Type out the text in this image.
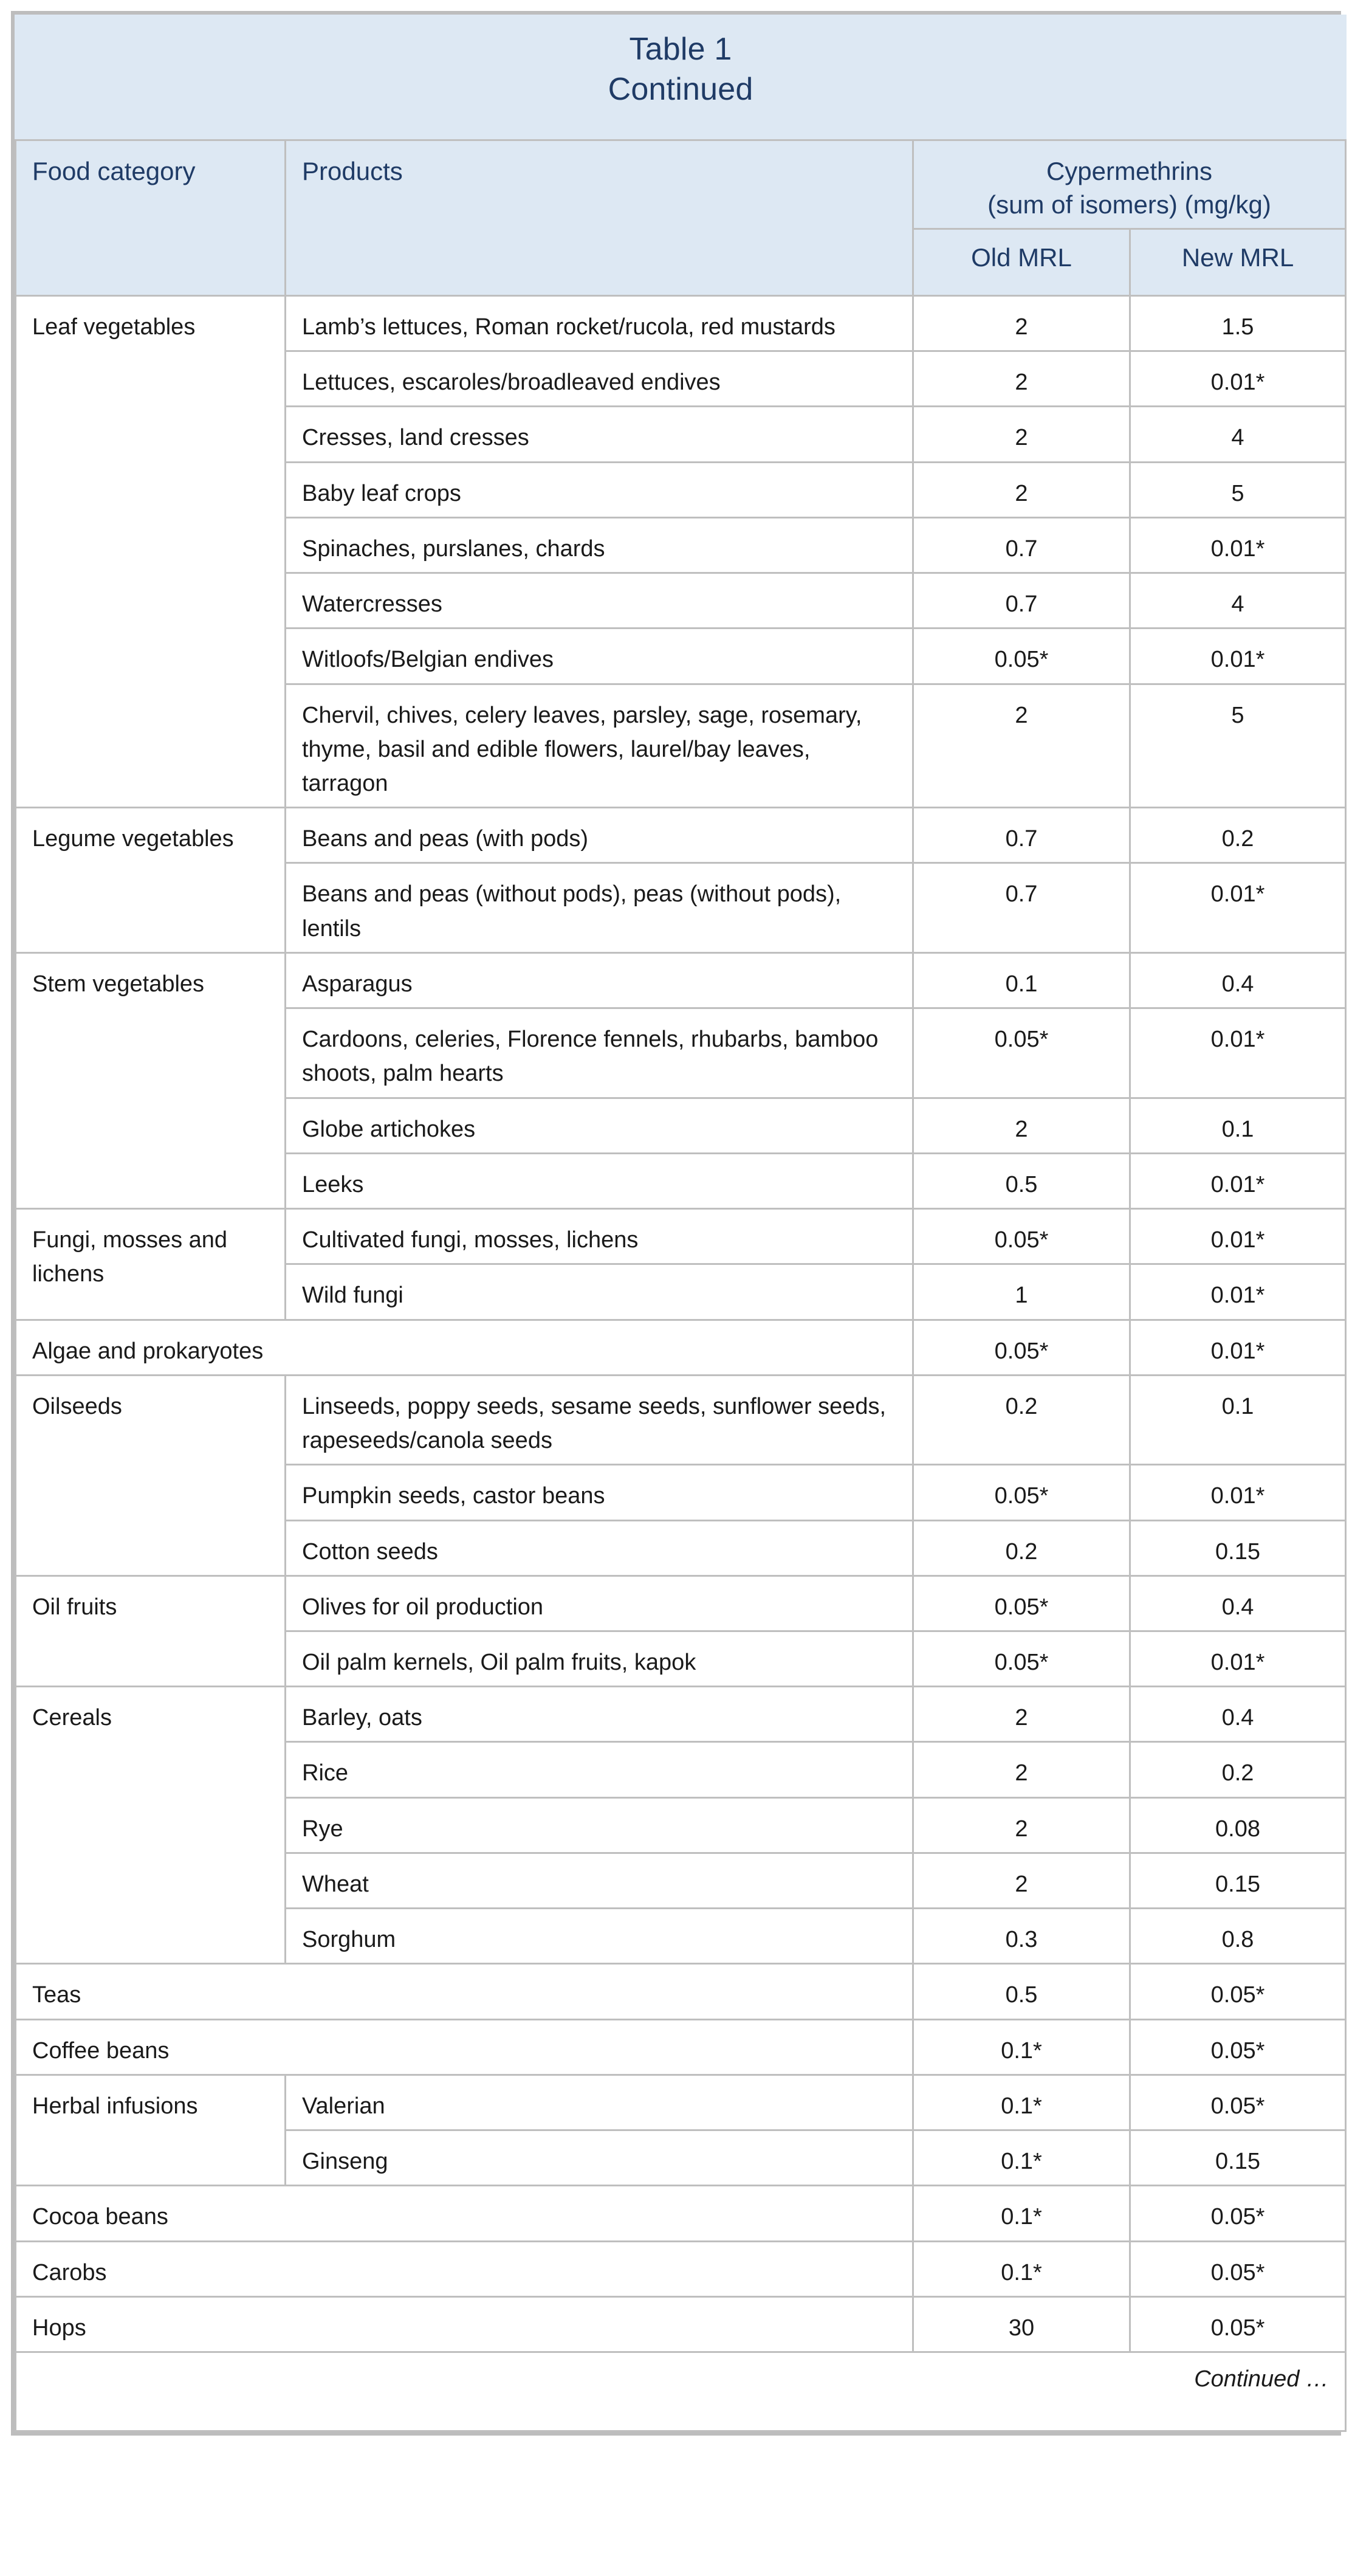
Table 1
Continued			

Food category	Products	Cypermethrins
(sum of isomers) (mg/kg)	

		Old MRL	New MRL
Leaf vegetables	Lamb’s lettuces, Roman rocket/rucola, red mustards	2	1.5
	Lettuces, escaroles/broadleaved endives	2	0.01*
	Cresses, land cresses	2	4
	Baby leaf crops	2	5
	Spinaches, purslanes, chards	0.7	0.01*
	Watercresses	0.7	4
	Witloofs/Belgian endives	0.05*	0.01*
	Chervil, chives, celery leaves, parsley, sage, rosemary, thyme, basil and edible flowers, laurel/bay leaves, tarragon	2	5
Legume vegetables	Beans and peas (with pods)	0.7	0.2
	Beans and peas (without pods), peas (without pods), lentils	0.7	0.01*
Stem vegetables	Asparagus	0.1	0.4
	Cardoons, celeries, Florence fennels, rhubarbs, bamboo shoots, palm hearts	0.05*	0.01*
	Globe artichokes	2	0.1
	Leeks	0.5	0.01*
Fungi, mosses and lichens	Cultivated fungi, mosses, lichens	0.05*	0.01*
	Wild fungi	1	0.01*
Algae and prokaryotes		0.05*	0.01*
Oilseeds	Linseeds, poppy seeds, sesame seeds, sunflower seeds, rapeseeds/canola seeds	0.2	0.1
	Pumpkin seeds, castor beans	0.05*	0.01*
	Cotton seeds	0.2	0.15
Oil fruits	Olives for oil production	0.05*	0.4
	Oil palm kernels, Oil palm fruits, kapok	0.05*	0.01*
Cereals	Barley, oats	2	0.4
	Rice	2	0.2
	Rye	2	0.08
	Wheat	2	0.15
	Sorghum	0.3	0.8
Teas		0.5	0.05*
Coffee beans		0.1*	0.05*
Herbal infusions	Valerian	0.1*	0.05*
	Ginseng	0.1*	0.15
Cocoa beans		0.1*	0.05*
Carobs		0.1*	0.05*
Hops		30	0.05*
Continued …			
